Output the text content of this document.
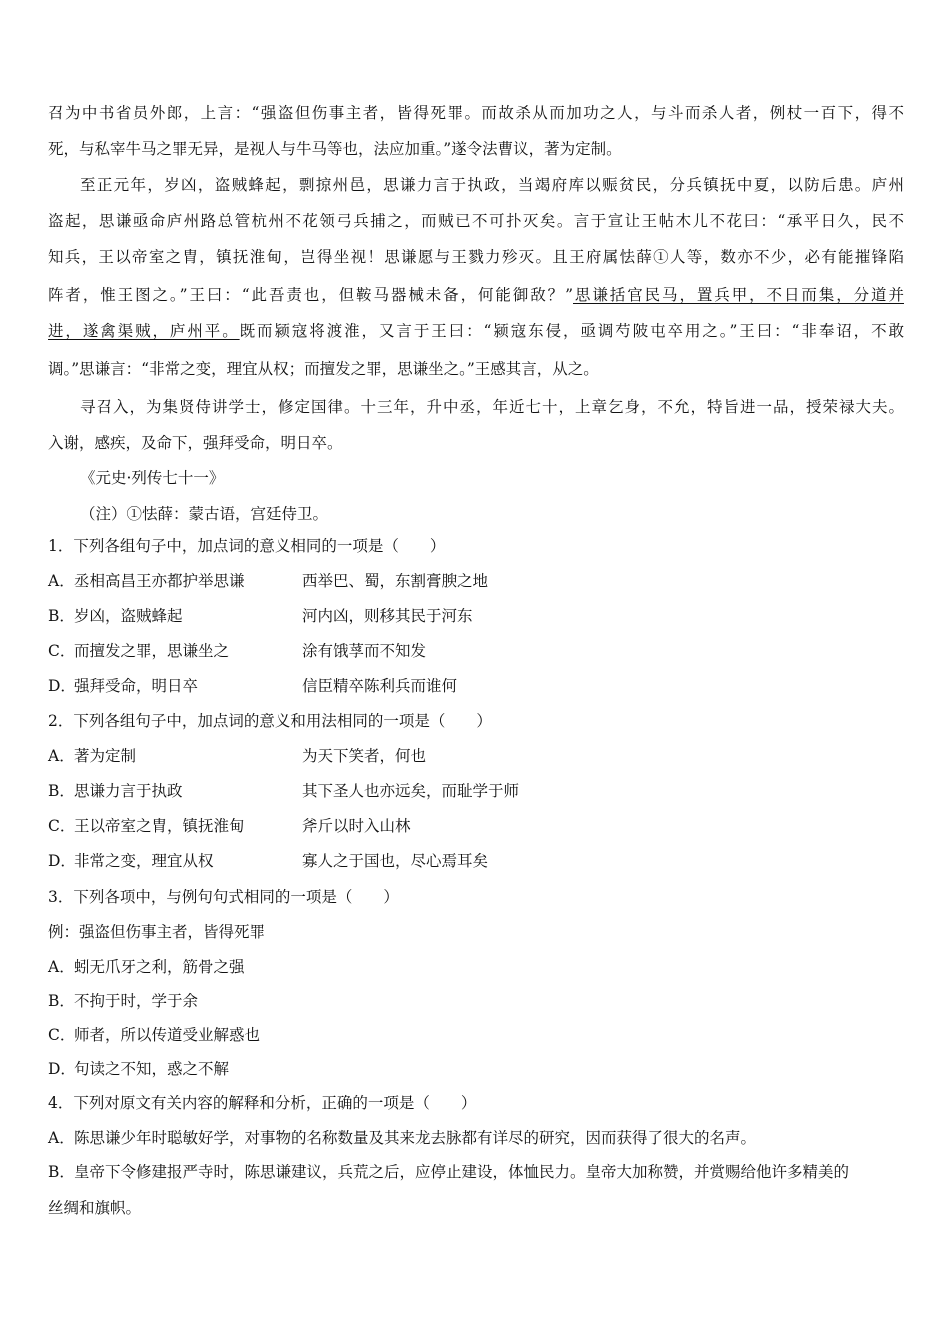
召为中书省员外郎，上言：“强盗但伤事主者，皆得死罪。而故杀从而加功之人，与斗而杀人者，例杖一百下，得不
死，与私宰牛马之罪无异，是视人与牛马等也，法应加重。”遂令法曹议，著为定制。
至正元年，岁凶，盗贼蜂起，剽掠州邑，思谦力言于执政，当竭府库以赈贫民，分兵镇抚中夏，以防后患。庐州
盗起，思谦亟命庐州路总管杭州不花领弓兵捕之，而贼已不可扑灭矣。言于宣让王帖木儿不花曰：“承平日久，民不
知兵，王以帝室之胄，镇抚淮甸，岂得坐视！思谦愿与王戮力殄灭。且王府属怯薛①人等，数亦不少，必有能摧锋陷
阵者，惟王图之。”王曰：“此吾责也，但鞍马器械未备，何能御敌？”思谦括官民马，置兵甲，不日而集，分道并
进，遂禽渠贼，庐州平。既而颍寇将渡淮，又言于王曰：“颍寇东侵，亟调芍陂屯卒用之。”王曰：“非奉诏，不敢
调。”思谦言：“非常之变，理宜从权；而擅发之罪，思谦坐之。”王感其言，从之。
寻召入，为集贤侍讲学士，修定国律。十三年，升中丞，年近七十，上章乞身，不允，特旨进一品，授荣禄大夫。
入谢，感疾，及命下，强拜受命，明日卒。
《元史·列传七十一》
（注）①怯薛：蒙古语，宫廷侍卫。
1．下列各组句子中，加点词的意义相同的一项是（　　）
A．丞相高昌王亦都护举思谦	西举巴、蜀，东割膏腴之地
B．岁凶，盗贼蜂起	河内凶，则移其民于河东
C．而擅发之罪，思谦坐之	涂有饿莩而不知发
D．强拜受命，明日卒	信臣精卒陈利兵而谁何
2．下列各组句子中，加点词的意义和用法相同的一项是（　　）
A．著为定制	为天下笑者，何也
B．思谦力言于执政	其下圣人也亦远矣，而耻学于师
C．王以帝室之胄，镇抚淮甸	斧斤以时入山林
D．非常之变，理宜从权	寡人之于国也，尽心焉耳矣
3．下列各项中，与例句句式相同的一项是（　　）
例：强盗但伤事主者，皆得死罪
A．蚓无爪牙之利，筋骨之强
B．不拘于时，学于余
C．师者，所以传道受业解惑也
D．句读之不知，惑之不解
4．下列对原文有关内容的解释和分析，正确的一项是（　　）
A．陈思谦少年时聪敏好学，对事物的名称数量及其来龙去脉都有详尽的研究，因而获得了很大的名声。
B．皇帝下令修建报严寺时，陈思谦建议，兵荒之后，应停止建设，体恤民力。皇帝大加称赞，并赏赐给他许多精美的
丝绸和旗帜。
